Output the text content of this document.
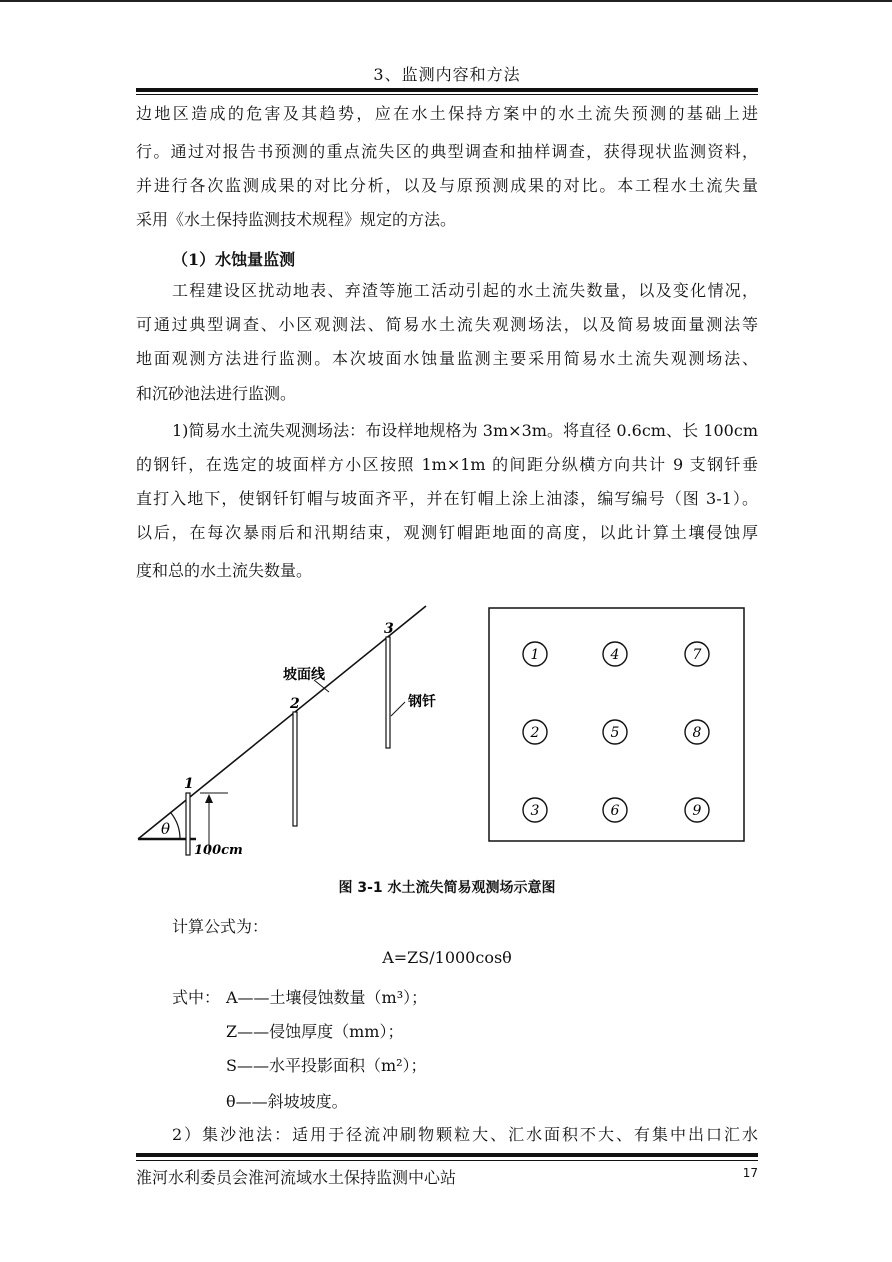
3、监测内容和方法
边地区造成的危害及其趋势，应在水土保持方案中的水土流失预测的基础上进
行。通过对报告书预测的重点流失区的典型调查和抽样调查，获得现状监测资料，
并进行各次监测成果的对比分析，以及与原预测成果的对比。本工程水土流失量
采用《水土保持监测技术规程》规定的方法。
（1）水蚀量监测
工程建设区扰动地表、弃渣等施工活动引起的水土流失数量，以及变化情况，
可通过典型调查、小区观测法、简易水土流失观测场法，以及简易坡面量测法等
地面观测方法进行监测。本次坡面水蚀量监测主要采用简易水土流失观测场法、
和沉砂池法进行监测。
1)简易水土流失观测场法：布设样地规格为 3m×3m。将直径 0.6cm、长 100cm
的钢钎，在选定的坡面样方小区按照 1m×1m 的间距分纵横方向共计 9 支钢钎垂
直打入地下，使钢钎钉帽与坡面齐平，并在钉帽上涂上油漆，编写编号（图 3-1）。
以后，在每次暴雨后和汛期结束，观测钉帽距地面的高度，以此计算土壤侵蚀厚
度和总的水土流失数量。
θ
1
100cm
2
3
坡面线
钢钎
1	4	7
2	5	8
3	6	9
图 3-1 水土流失简易观测场示意图
计算公式为：
A=ZS/1000cosθ
式中： A——土壤侵蚀数量（m³）；
Z——侵蚀厚度（mm）；
S——水平投影面积（m²）；
θ——斜坡坡度。
2）集沙池法：适用于径流冲刷物颗粒大、汇水面积不大、有集中出口汇水
淮河水利委员会淮河流域水土保持监测中心站	17
